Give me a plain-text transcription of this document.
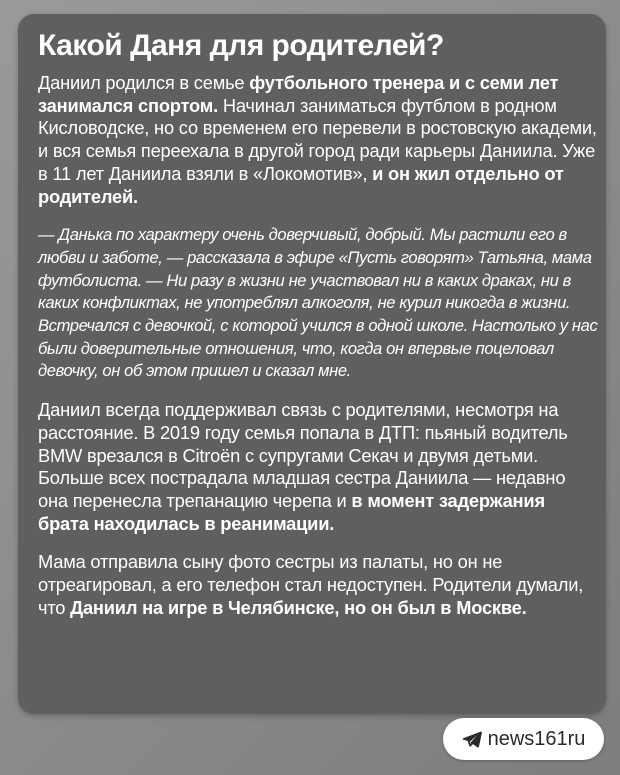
Какой Даня для родителей?

Даниил родился в семье футбольного тренера и с семи лет занимался спортом. Начинал заниматься футблом в родном Кисловодске, но со временем его перевели в ростовскую академи, и вся семья переехала в другой город ради карьеры Даниила. Уже в 11 лет Даниила взяли в «Локомотив», и он жил отдельно от родителей.

— Данька по характеру очень доверчивый, добрый. Мы растили его в любви и заботе, — рассказала в эфире «Пусть говорят» Татьяна, мама футболиста. — Ни разу в жизни не участвовал ни в каких драках, ни в каких конфликтах, не употреблял алкоголя, не курил никогда в жизни. Встречался с девочкой, с которой учился в одной школе. Настолько у нас были доверительные отношения, что, когда он впервые поцеловал девочку, он об этом пришел и сказал мне.

Даниил всегда поддерживал связь с родителями, несмотря на расстояние. В 2019 году семья попала в ДТП: пьяный водитель BMW врезался в Citroën с супругами Секач и двумя детьми. Больше всех пострадала младшая сестра Даниила — недавно она перенесла трепанацию черепа и в момент задержания брата находилась в реанимации.

Мама отправила сыну фото сестры из палаты, но он не отреагировал, а его телефон стал недоступен. Родители думали, что Даниил на игре в Челябинске, но он был в Москве.

news161ru
